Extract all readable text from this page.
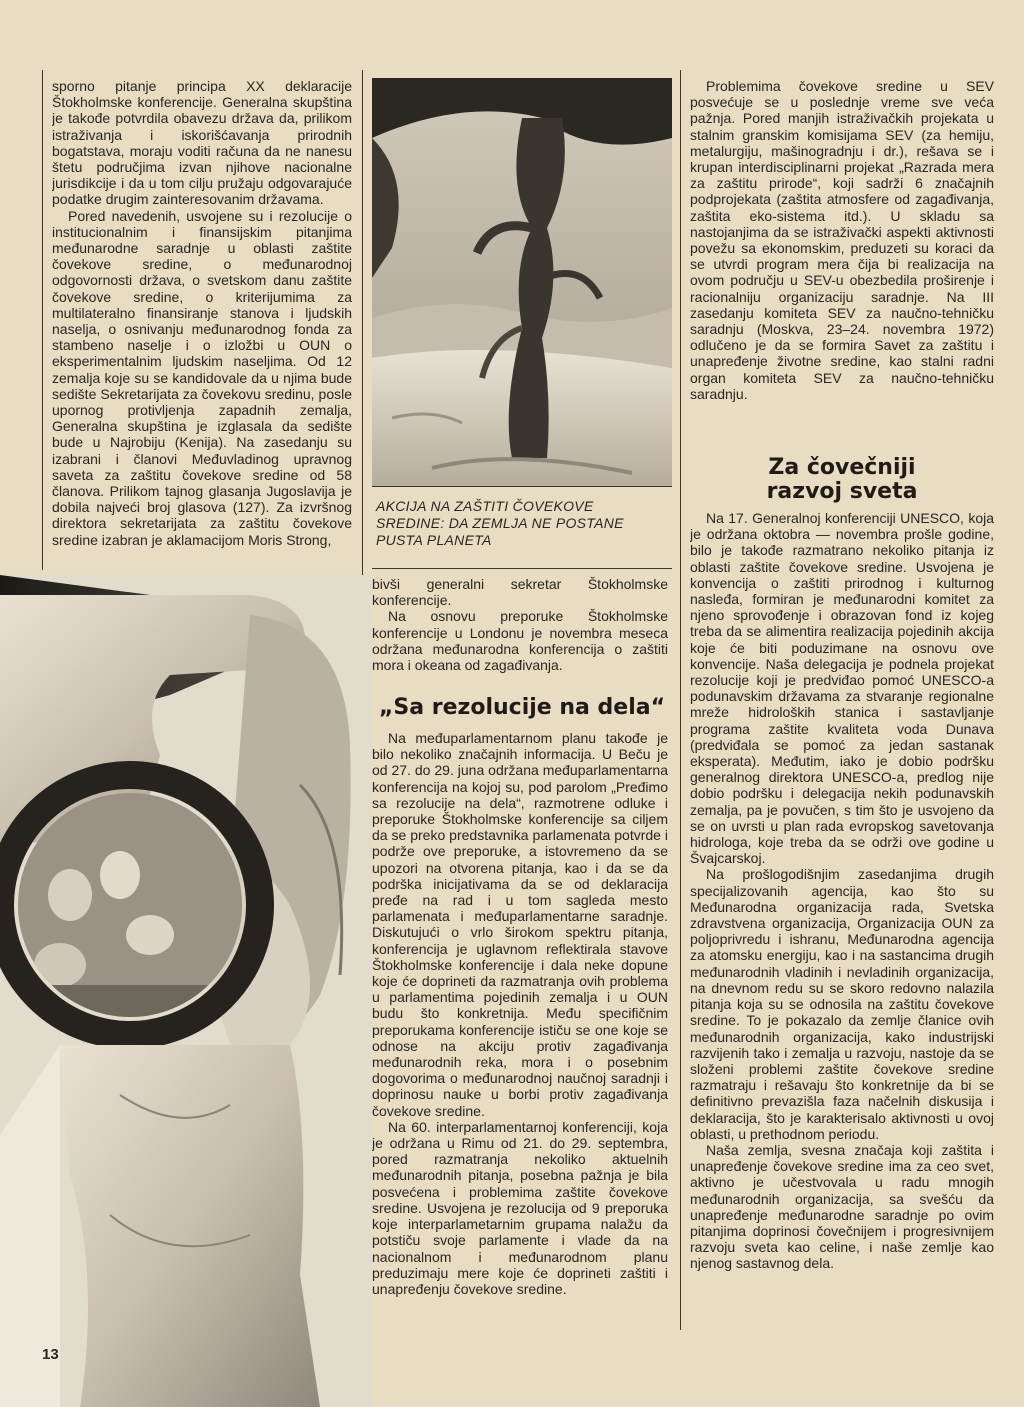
sporno pitanje principa XX deklaracije Štokholmske konferencije. Generalna skupština je takođe potvrdila obavezu država da, prilikom istraživanja i iskorišćavanja prirodnih bogatstava, moraju voditi računa da ne nanesu štetu područjima izvan njihove nacionalne jurisdikcije i da u tom cilju pružaju odgovarajuće podatke drugim zainteresovanim državama.

Pored navedenih, usvojene su i rezolucije o institucionalnim i finansijskim pitanjima međunarodne saradnje u oblasti zaštite čovekove sredine, o međunarodnoj odgovornosti država, o svetskom danu zaštite čovekove sredine, o kriterijumima za multilateralno finansiranje stanova i ljudskih naselja, o osnivanju međunarodnog fonda za stambeno naselje i o izložbi u OUN o eksperimentalnim ljudskim naseljima. Od 12 zemalja koje su se kandidovale da u njima bude sedište Sekretarijata za čovekovu sredinu, posle upornog protivljenja zapadnih zemalja, Generalna skupština je izglasala da sedište bude u Najrobiju (Kenija). Na zasedanju su izabrani i članovi Međuvladinog upravnog saveta za zaštitu čovekove sredine od 58 članova. Prilikom tajnog glasanja Jugoslavija je dobila najveći broj glasova (127). Za izvršnog direktora sekretarijata za zaštitu čovekove sredine izabran je aklamacijom Moris Strong,

AKCIJA NA ZAŠTITI ČOVEKOVE SREDINE: DA ZEMLJA NE POSTANE PUSTA PLANETA

bivši generalni sekretar Štokholmske konferencije.

Na osnovu preporuke Štokholmske konferencije u Londonu je novembra meseca održana međunarodna konferencija o zaštiti mora i okeana od zagađivanja.

„Sa rezolucije na dela“

Na međuparlamentarnom planu takođe je bilo nekoliko značajnih informacija. U Beču je od 27. do 29. juna održana međuparlamentarna konferencija na kojoj su, pod parolom „Pređimo sa rezolucije na dela“, razmotrene odluke i preporuke Štokholmske konferencije sa ciljem da se preko predstavnika parlamenata potvrde i podrže ove preporuke, a istovremeno da se upozori na otvorena pitanja, kao i da se da podrška inicijativama da se od deklaracija pređe na rad i u tom sagleda mesto parlamenata i međuparlamentarne saradnje. Diskutujući o vrlo širokom spektru pitanja, konferencija je uglavnom reflektirala stavove Štokholmske konferencije i dala neke dopune koje će doprineti da razmatranja ovih problema u parlamentima pojedinih zemalja i u OUN budu što konkretnija. Među specifičnim preporukama konferencije ističu se one koje se odnose na akciju protiv zagađivanja međunarodnih reka, mora i o posebnim dogovorima o međunarodnoj naučnoj saradnji i doprinosu nauke u borbi protiv zagađivanja čovekove sredine.

Na 60. interparlamentarnoj konferenciji, koja je održana u Rimu od 21. do 29. septembra, pored razmatranja nekoliko aktuelnih međunarodnih pitanja, posebna pažnja je bila posvećena i problemima zaštite čovekove sredine. Usvojena je rezolucija od 9 preporuka koje interparlametarnim grupama nalažu da potstiču svoje parlamente i vlade da na nacionalnom i međunarodnom planu preduzimaju mere koje će doprineti zaštiti i unapređenju čovekove sredine.

Problemima čovekove sredine u SEV posvećuje se u poslednje vreme sve veća pažnja. Pored manjih istraživačkih projekata u stalnim granskim komisijama SEV (za hemiju, metalurgiju, mašinogradnju i dr.), rešava se i krupan interdisciplinarni projekat „Razrada mera za zaštitu prirode“, koji sadrži 6 značajnih podprojekata (zaštita atmosfere od zagađivanja, zaštita eko-sistema itd.). U skladu sa nastojanjima da se istraživački aspekti aktivnosti povežu sa ekonomskim, preduzeti su koraci da se utvrdi program mera čija bi realizacija na ovom području u SEV-u obezbedila proširenje i racionalniju organizaciju saradnje. Na III zasedanju komiteta SEV za naučno-tehničku saradnju (Moskva, 23–24. novembra 1972) odlučeno je da se formira Savet za zaštitu i unapređenje životne sredine, kao stalni radni organ komiteta SEV za naučno-tehničku saradnju.

Za čovečniji
razvoj sveta

Na 17. Generalnoj konferenciji UNESCO, koja je održana oktobra — novembra prošle godine, bilo je takođe razmatrano nekoliko pitanja iz oblasti zaštite čovekove sredine. Usvojena je konvencija o zaštiti prirodnog i kulturnog nasleđa, formiran je međunarodni komitet za njeno sprovođenje i obrazovan fond iz kojeg treba da se alimentira realizacija pojedinih akcija koje će biti poduzimane na osnovu ove konvencije. Naša delegacija je podnela projekat rezolucije koji je predviđao pomoć UNESCO-a podunavskim državama za stvaranje regionalne mreže hidroloških stanica i sastavljanje programa zaštite kvaliteta voda Dunava (predviđala se pomoć za jedan sastanak eksperata). Međutim, iako je dobio podršku generalnog direktora UNESCO-a, predlog nije dobio podršku i delegacija nekih podunavskih zemalja, pa je povučen, s tim što je usvojeno da se on uvrsti u plan rada evropskog savetovanja hidrologa, koje treba da se održi ove godine u Švajcarskoj.

Na prošlogodišnjim zasedanjima drugih specijalizovanih agencija, kao što su Međunarodna organizacija rada, Svetska zdravstvena organizacija, Organizacija OUN za poljoprivredu i ishranu, Međunarodna agencija za atomsku energiju, kao i na sastancima drugih međunarodnih vladinih i nevladinih organizacija, na dnevnom redu su se skoro redovno nalazila pitanja koja su se odnosila na zaštitu čovekove sredine. To je pokazalo da zemlje članice ovih međunarodnih organizacija, kako industrijski razvijenih tako i zemalja u razvoju, nastoje da se složeni problemi zaštite čovekove sredine razmatraju i rešavaju što konkretnije da bi se definitivno prevazišla faza načelnih diskusija i deklaracija, što je karakterisalo aktivnosti u ovoj oblasti, u prethodnom periodu.

Naša zemlja, svesna značaja koji zaštita i unapređenje čovekove sredine ima za ceo svet, aktivno je učestvovala u radu mnogih međunarodnih organizacija, sa svešću da unapređenje međunarodne saradnje po ovim pitanjima doprinosi čovečnijem i progresivnijem razvoju sveta kao celine, i naše zemlje kao njenog sastavnog dela.

13
